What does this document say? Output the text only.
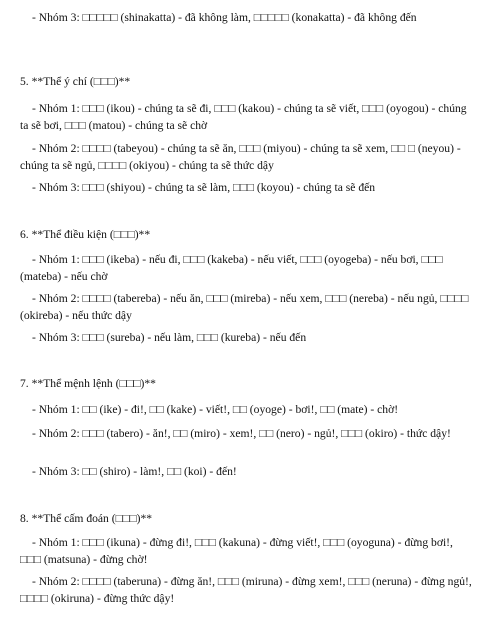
- Nhóm 3: □□□□□ (shinakatta) - đã không làm, □□□□□ (konakatta) - đã không đến

5. **Thể ý chí (□□□)**

- Nhóm 1: □□□ (ikou) - chúng ta sẽ đi, □□□ (kakou) - chúng ta sẽ viết, □□□ (oyogou) - chúng ta sẽ bơi, □□□ (matou) - chúng ta sẽ chờ

- Nhóm 2: □□□□ (tabeyou) - chúng ta sẽ ăn, □□□ (miyou) - chúng ta sẽ xem, □□ □ (neyou) - chúng ta sẽ ngủ, □□□□ (okiyou) - chúng ta sẽ thức dậy

- Nhóm 3: □□□ (shiyou) - chúng ta sẽ làm, □□□ (koyou) - chúng ta sẽ đến

6. **Thể điều kiện (□□□)**

- Nhóm 1: □□□ (ikeba) - nếu đi, □□□ (kakeba) - nếu viết, □□□ (oyogeba) - nếu bơi, □□□ (mateba) - nếu chờ

- Nhóm 2: □□□□ (tabereba) - nếu ăn, □□□ (mireba) - nếu xem, □□□ (nereba) - nếu ngủ, □□□□ (okireba) - nếu thức dậy

- Nhóm 3: □□□ (sureba) - nếu làm, □□□ (kureba) - nếu đến

7. **Thể mệnh lệnh (□□□)**

- Nhóm 1: □□ (ike) - đi!, □□ (kake) - viết!, □□ (oyoge) - bơi!, □□ (mate) - chờ!

- Nhóm 2: □□□ (tabero) - ăn!, □□ (miro) - xem!, □□ (nero) - ngủ!, □□□ (okiro) - thức dậy!

- Nhóm 3: □□ (shiro) - làm!, □□ (koi) - đến!

8. **Thể cấm đoán (□□□)**

- Nhóm 1: □□□ (ikuna) - đừng đi!, □□□ (kakuna) - đừng viết!, □□□ (oyoguna) - đừng bơi!, □□□ (matsuna) - đừng chờ!

- Nhóm 2: □□□□ (taberuna) - đừng ăn!, □□□ (miruna) - đừng xem!, □□□ (neruna) - đừng ngủ!, □□□□ (okiruna) - đừng thức dậy!
